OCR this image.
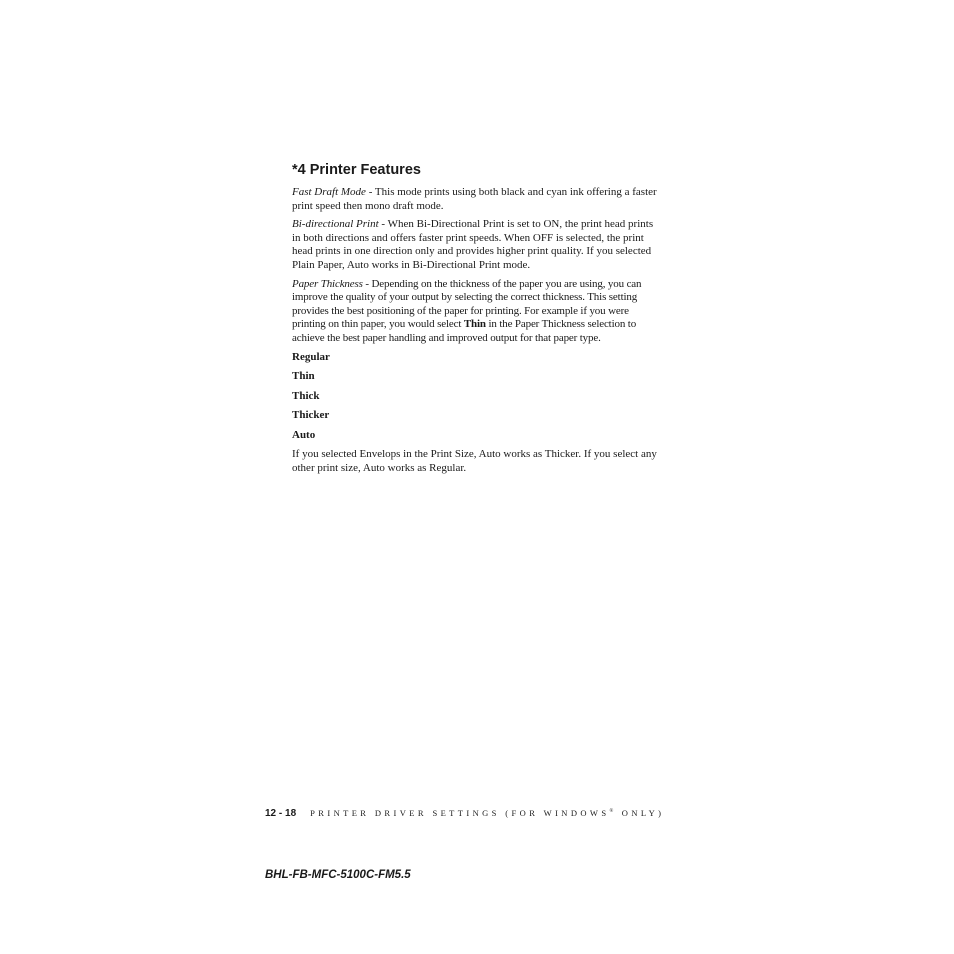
*4 Printer Features

Fast Draft Mode - This mode prints using both black and cyan ink offering a faster print speed then mono draft mode.

Bi-directional Print - When Bi-Directional Print is set to ON, the print head prints in both directions and offers faster print speeds. When OFF is selected, the print head prints in one direction only and provides higher print quality. If you selected Plain Paper, Auto works in Bi-Directional Print mode.

Paper Thickness - Depending on the thickness of the paper you are using, you can improve the quality of your output by selecting the correct thickness. This setting provides the best positioning of the paper for printing. For example if you were printing on thin paper, you would select Thin in the Paper Thickness selection to achieve the best paper handling and improved output for that paper type.

Regular
Thin
Thick
Thicker
Auto

If you selected Envelops in the Print Size, Auto works as Thicker. If you select any other print size, Auto works as Regular.

12 - 18 PRINTER DRIVER SETTINGS (FOR WINDOWS® ONLY)
BHL-FB-MFC-5100C-FM5.5
